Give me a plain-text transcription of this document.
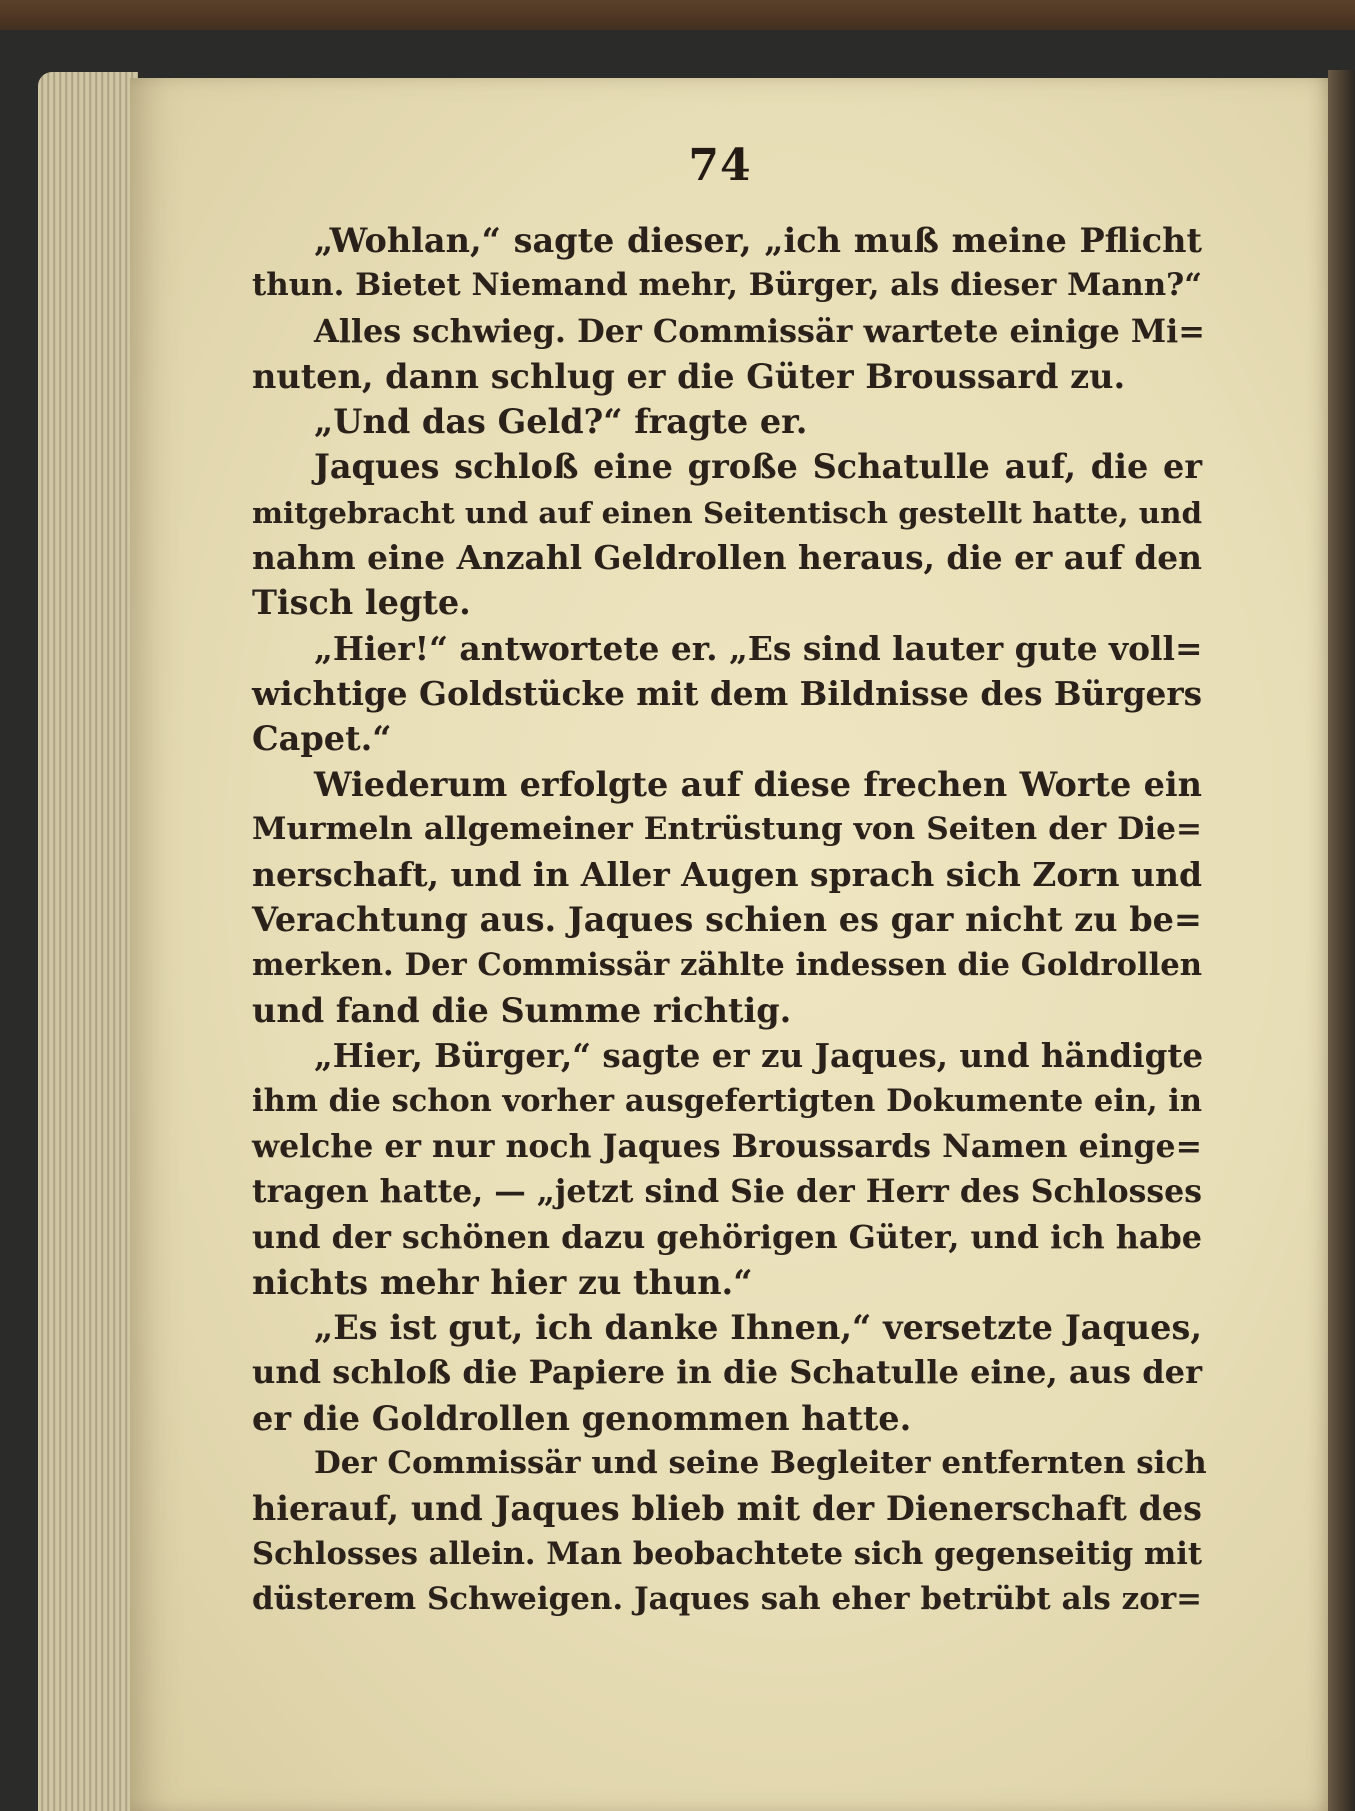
74
„Wohlan,“ sagte dieser, „ich muß meine Pflicht
thun. Bietet Niemand mehr, Bürger, als dieser Mann?“
Alles schwieg. Der Commissär wartete einige Mi=
nuten, dann schlug er die Güter Broussard zu.
„Und das Geld?“ fragte er.
Jaques schloß eine große Schatulle auf, die er
mitgebracht und auf einen Seitentisch gestellt hatte, und
nahm eine Anzahl Geldrollen heraus, die er auf den
Tisch legte.
„Hier!“ antwortete er. „Es sind lauter gute voll=
wichtige Goldstücke mit dem Bildnisse des Bürgers
Capet.“
Wiederum erfolgte auf diese frechen Worte ein
Murmeln allgemeiner Entrüstung von Seiten der Die=
nerschaft, und in Aller Augen sprach sich Zorn und
Verachtung aus. Jaques schien es gar nicht zu be=
merken. Der Commissär zählte indessen die Goldrollen
und fand die Summe richtig.
„Hier, Bürger,“ sagte er zu Jaques, und händigte
ihm die schon vorher ausgefertigten Dokumente ein, in
welche er nur noch Jaques Broussards Namen einge=
tragen hatte, — „jetzt sind Sie der Herr des Schlosses
und der schönen dazu gehörigen Güter, und ich habe
nichts mehr hier zu thun.“
„Es ist gut, ich danke Ihnen,“ versetzte Jaques,
und schloß die Papiere in die Schatulle eine, aus der
er die Goldrollen genommen hatte.
Der Commissär und seine Begleiter entfernten sich
hierauf, und Jaques blieb mit der Dienerschaft des
Schlosses allein. Man beobachtete sich gegenseitig mit
düsterem Schweigen. Jaques sah eher betrübt als zor=
